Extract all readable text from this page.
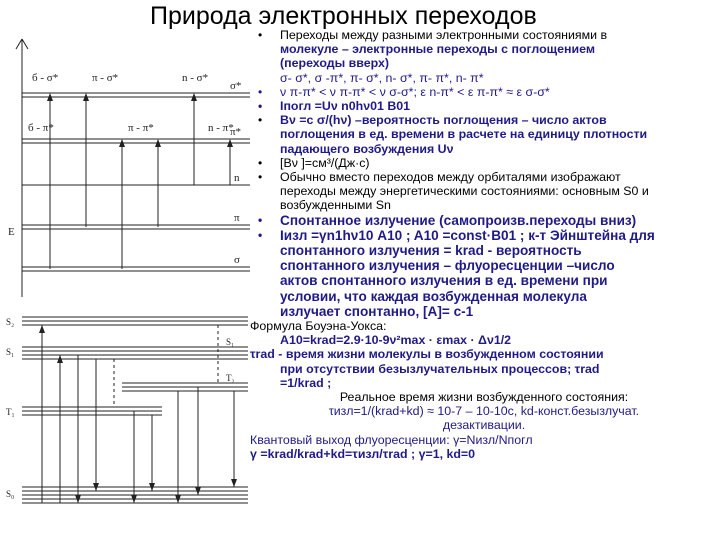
Природа электронных переходов
б - σ*	π - σ*
б - π*	π - π*
n - σ*
n - π*
σ*
π*
n
π
σ
E
S₂
S₁
T₁
T₂
S₀
S₁

• Переходы между разными электронными состояниями в
молекуле – электронные переходы с поглощением
(переходы вверх)

σ- σ*, σ -π*, π- σ*, n- σ*, π- π*, n- π*

• ν π-π* < ν π-π* < ν σ-σ*; ε n-π* < ε π-π* ≈ ε σ-σ*

• Iпогл =Uν n0hν01 B01

• Bν =c σ/(hν) –вероятность поглощения – число актов
поглощения в ед. времени в расчете на единицу плотности
падающего возбуждения Uν

• [Bν ]=см³/(Дж·с)

• Обычно вместо переходов между орбиталями изображают
переходы между энергетическими состояниями: основным S0 и
возбужденными Sn

• Спонтанное излучение (самопроизв.переходы вниз)

• Iизл =γn1hν10 A10 ; A10 =const·B01 ; к-т Эйнштейна для
спонтанного излучения = krad - вероятность
спонтанного излучения – флуоресценции –число
актов спонтанного излучения в ед. времени при
условии, что каждая возбужденная молекула
излучает спонтанно, [A]= c-1

Формула Боуэна-Уокса:

A10=krad=2.9·10-9ν²max · εmax · Δν1/2

τrad - время жизни молекулы в возбужденном состоянии
при отсутствии безызлучательных процессов; τrad
=1/krad ;

Реальное время жизни возбужденного состояния:
τизл=1/(krad+kd) ≈ 10-7 – 10-10с, kd-конст.безызлучат.
дезактивации.

Квантовый выход флуоресценции: γ=Nизл/Nпогл

γ =krad/krad+kd=τизл/τrad ; γ=1, kd=0
